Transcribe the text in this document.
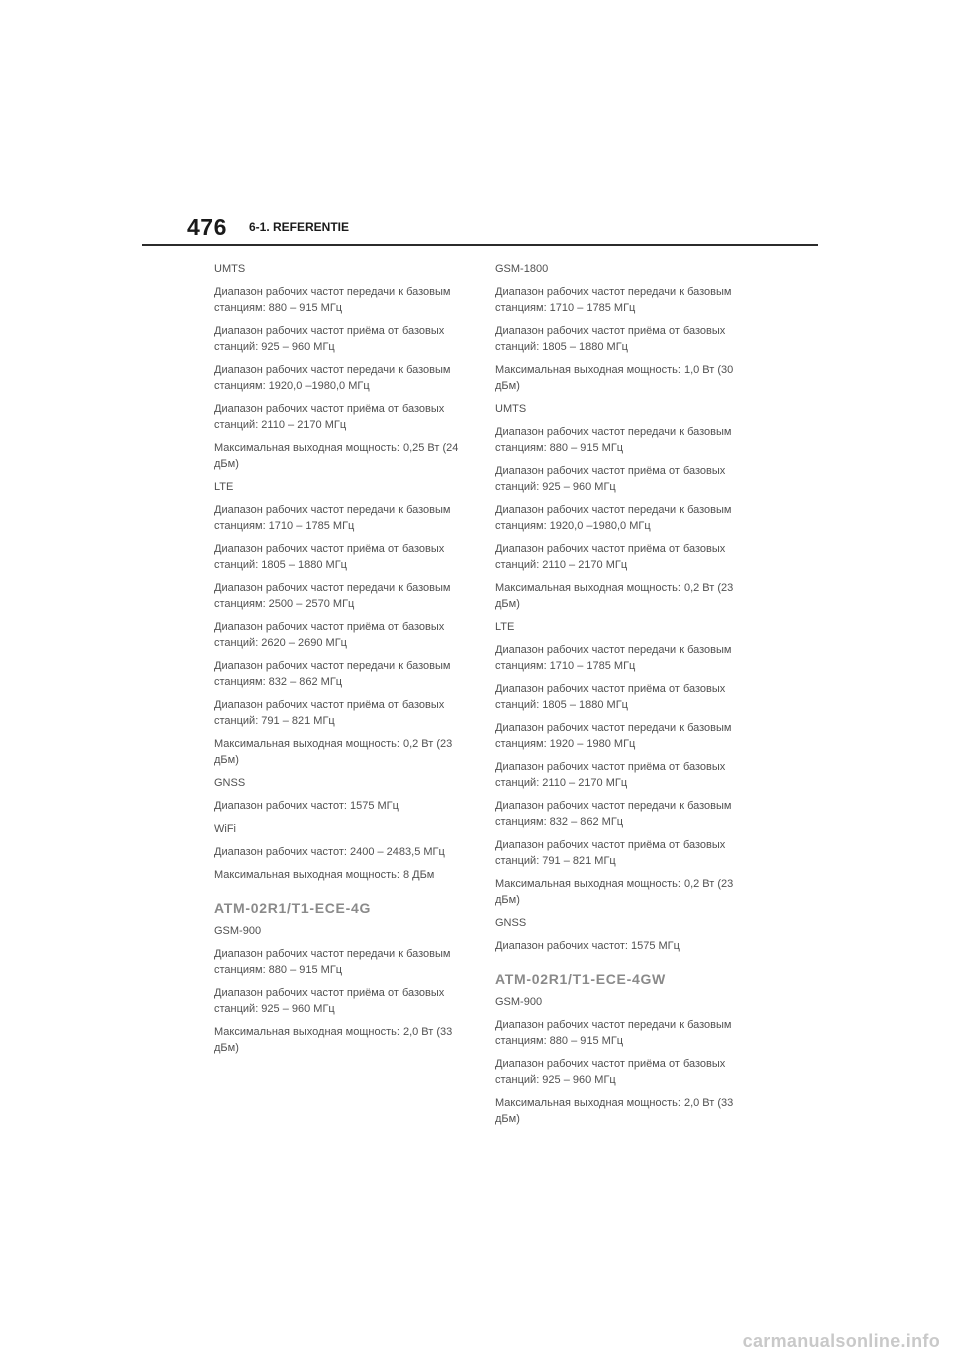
476 6-1. REFERENTIE
UMTS
Диапазон рабочих частот передачи к базовым станциям: 880 – 915 МГц
Диапазон рабочих частот приёма от базовых станций: 925 – 960 МГц
Диапазон рабочих частот передачи к базовым станциям: 1920,0 –1980,0 МГц
Диапазон рабочих частот приёма от базовых станций: 2110 – 2170 МГц
Максимальная выходная мощность: 0,25 Вт (24 дБм)
LTE
Диапазон рабочих частот передачи к базовым станциям: 1710 – 1785 МГц
Диапазон рабочих частот приёма от базовых станций: 1805 – 1880 МГц
Диапазон рабочих частот передачи к базовым станциям: 2500 – 2570 МГц
Диапазон рабочих частот приёма от базовых станций: 2620 – 2690 МГц
Диапазон рабочих частот передачи к базовым станциям: 832 – 862 МГц
Диапазон рабочих частот приёма от базовых станций: 791 – 821 МГц
Максимальная выходная мощность: 0,2 Вт (23 дБм)
GNSS
Диапазон рабочих частот: 1575 МГц
WiFi
Диапазон рабочих частот: 2400 – 2483,5 МГц
Максимальная выходная мощность: 8 ДБм
ATM-02R1/T1-ECE-4G
GSM-900
Диапазон рабочих частот передачи к базовым станциям: 880 – 915 МГц
Диапазон рабочих частот приёма от базовых станций: 925 – 960 МГц
Максимальная выходная мощность: 2,0 Вт (33 дБм)
GSM-1800
Диапазон рабочих частот передачи к базовым станциям: 1710 – 1785 МГц
Диапазон рабочих частот приёма от базовых станций: 1805 – 1880 МГц
Максимальная выходная мощность: 1,0 Вт (30 дБм)
UMTS
Диапазон рабочих частот передачи к базовым станциям: 880 – 915 МГц
Диапазон рабочих частот приёма от базовых станций: 925 – 960 МГц
Диапазон рабочих частот передачи к базовым станциям: 1920,0 –1980,0 МГц
Диапазон рабочих частот приёма от базовых станций: 2110 – 2170 МГц
Максимальная выходная мощность: 0,2 Вт (23 дБм)
LTE
Диапазон рабочих частот передачи к базовым станциям: 1710 – 1785 МГц
Диапазон рабочих частот приёма от базовых станций: 1805 – 1880 МГц
Диапазон рабочих частот передачи к базовым станциям: 1920 – 1980 МГц
Диапазон рабочих частот приёма от базовых станций: 2110 – 2170 МГц
Диапазон рабочих частот передачи к базовым станциям: 832 – 862 МГц
Диапазон рабочих частот приёма от базовых станций: 791 – 821 МГц
Максимальная выходная мощность: 0,2 Вт (23 дБм)
GNSS
Диапазон рабочих частот: 1575 МГц
ATM-02R1/T1-ECE-4GW
GSM-900
Диапазон рабочих частот передачи к базовым станциям: 880 – 915 МГц
Диапазон рабочих частот приёма от базовых станций: 925 – 960 МГц
Максимальная выходная мощность: 2,0 Вт (33 дБм)
carmanualsonline.info
